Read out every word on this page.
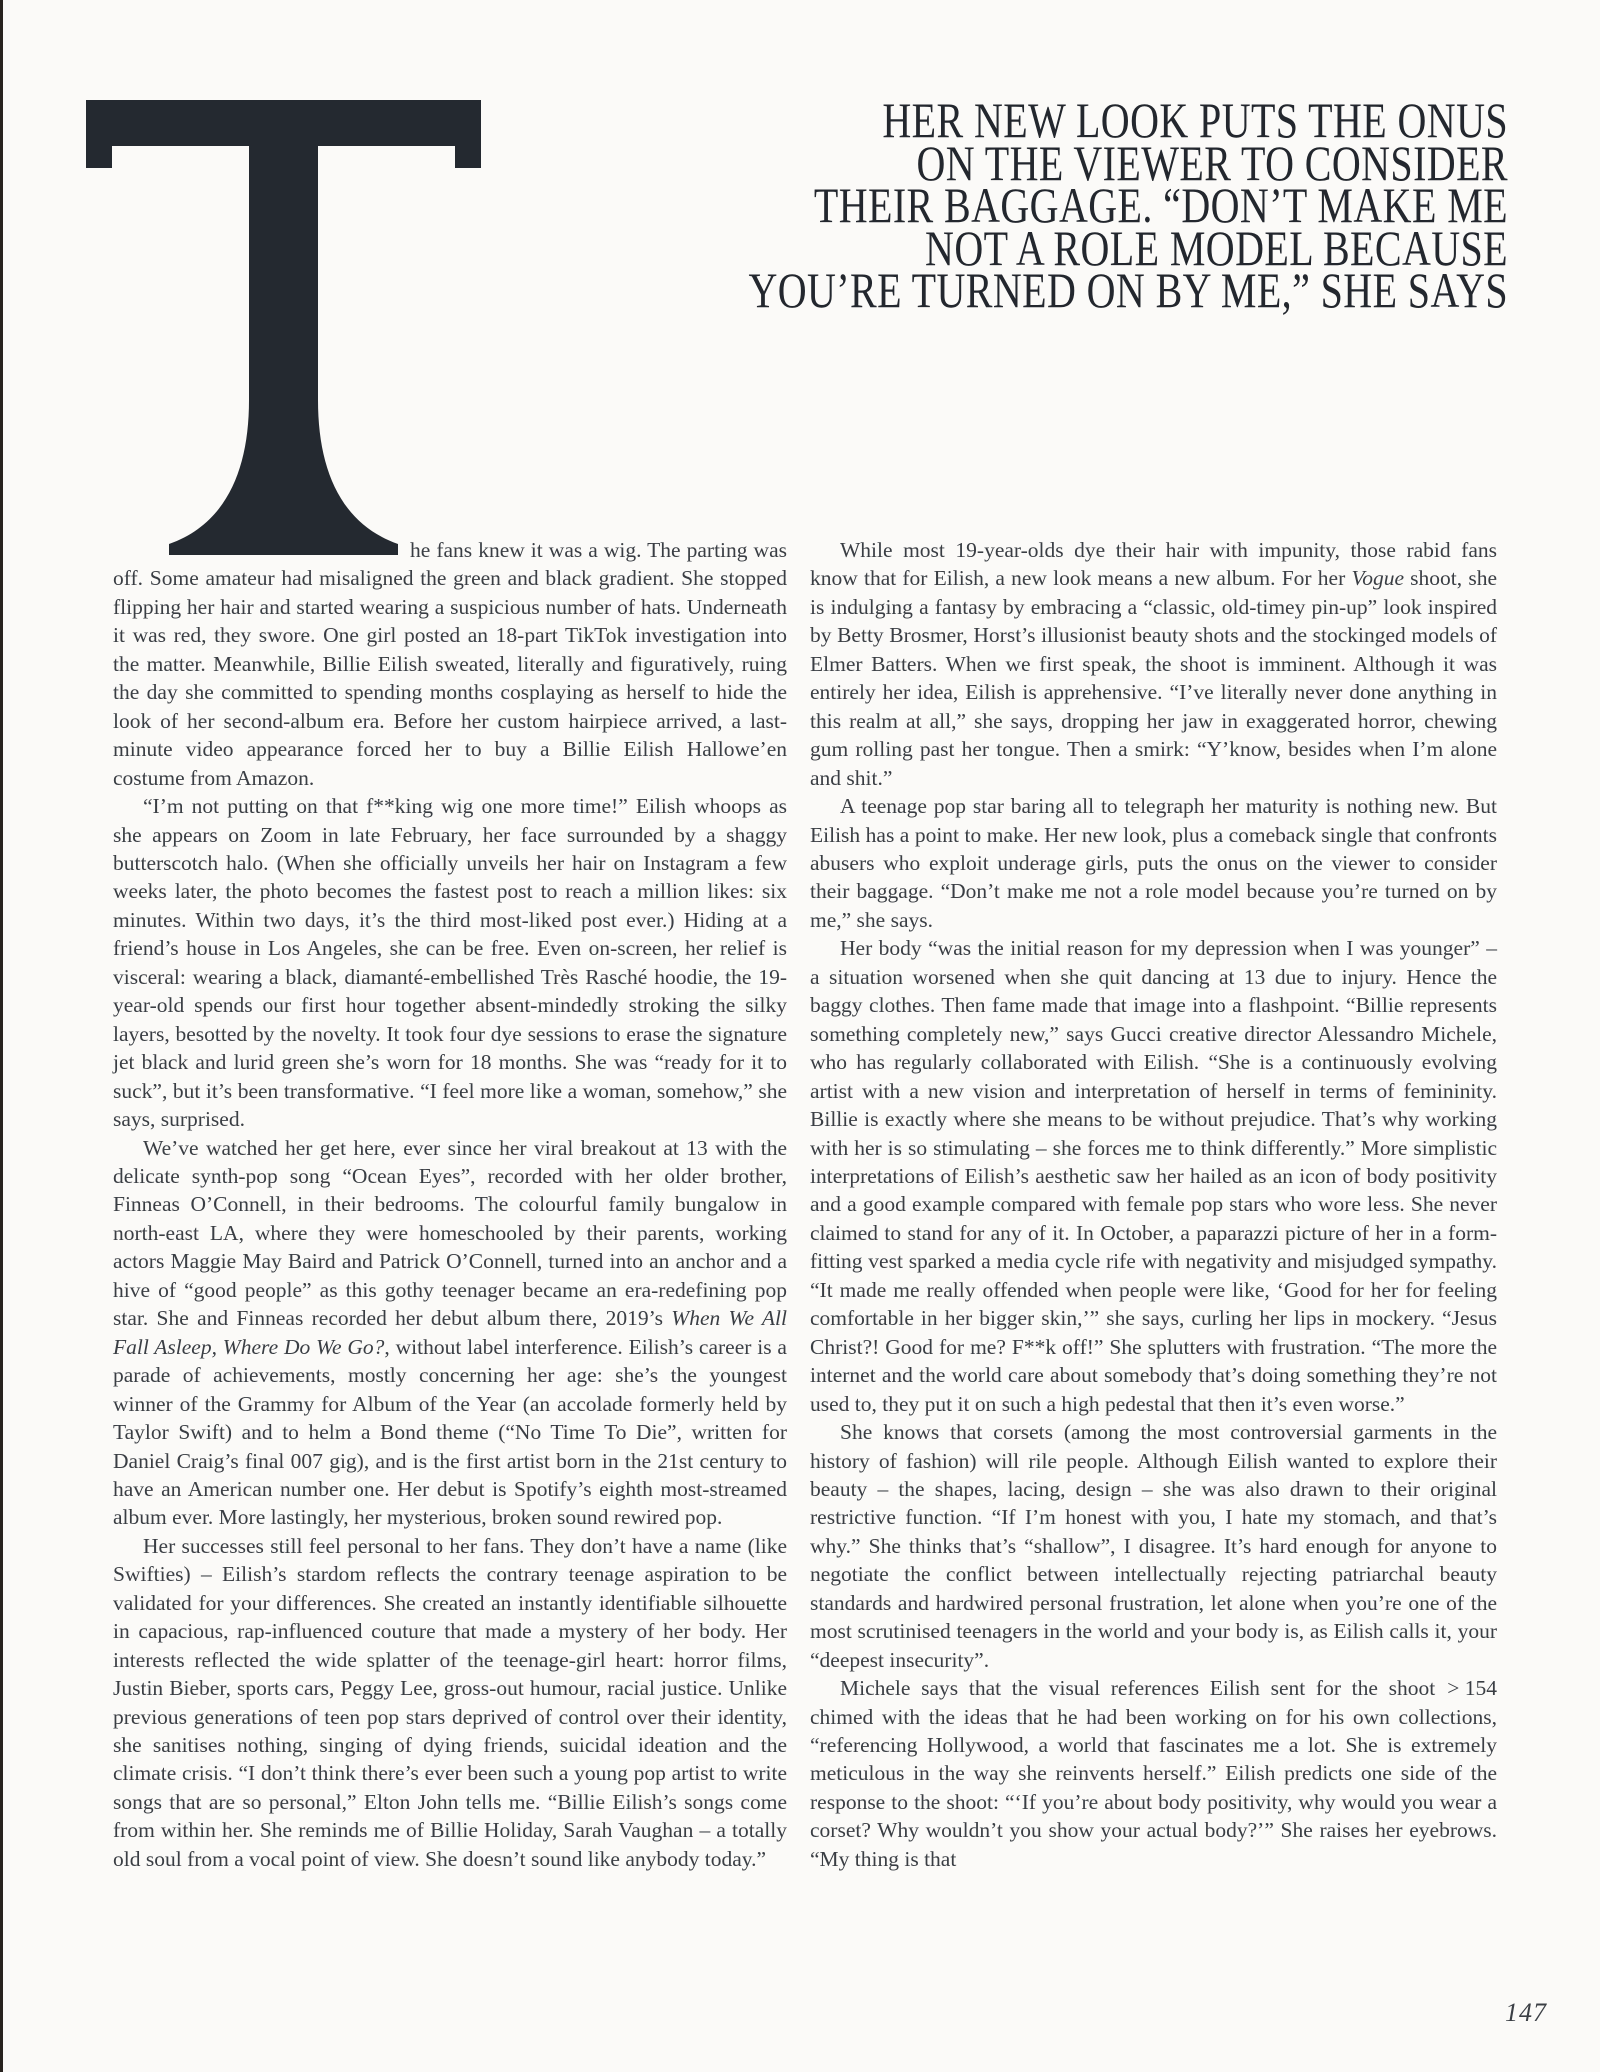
HER NEW LOOK PUTS THE ONUS
ON THE VIEWER TO CONSIDER
THEIR BAGGAGE. “DON’T MAKE ME
NOT A ROLE MODEL BECAUSE
YOU’RE TURNED ON BY ME,” SHE SAYS

he fans knew it was a wig. The parting was off. Some amateur had misaligned the green and black gradient. She stopped flipping her hair and started wearing a suspicious number of hats. Underneath it was red, they swore. One girl posted an 18-part TikTok investigation into the matter. Meanwhile, Billie Eilish sweated, literally and figuratively, ruing the day she committed to spending months cosplaying as herself to hide the look of her second-album era. Before her custom hairpiece arrived, a last-minute video appearance forced her to buy a Billie Eilish Hallowe’en costume from Amazon.

“I’m not putting on that f**king wig one more time!” Eilish whoops as she appears on Zoom in late February, her face surrounded by a shaggy butterscotch halo. (When she officially unveils her hair on Instagram a few weeks later, the photo becomes the fastest post to reach a million likes: six minutes. Within two days, it’s the third most-liked post ever.) Hiding at a friend’s house in Los Angeles, she can be free. Even on-screen, her relief is visceral: wearing a black, diamanté-embellished Très Rasché hoodie, the 19-year-old spends our first hour together absent-mindedly stroking the silky layers, besotted by the novelty. It took four dye sessions to erase the signature jet black and lurid green she’s worn for 18 months. She was “ready for it to suck”, but it’s been transformative. “I feel more like a woman, somehow,” she says, surprised.

We’ve watched her get here, ever since her viral breakout at 13 with the delicate synth-pop song “Ocean Eyes”, recorded with her older brother, Finneas O’Connell, in their bedrooms. The colourful family bungalow in north-east LA, where they were homeschooled by their parents, working actors Maggie May Baird and Patrick O’Connell, turned into an anchor and a hive of “good people” as this gothy teenager became an era-redefining pop star. She and Finneas recorded her debut album there, 2019’s When We All Fall Asleep, Where Do We Go?, without label interference. Eilish’s career is a parade of achievements, mostly concerning her age: she’s the youngest winner of the Grammy for Album of the Year (an accolade formerly held by Taylor Swift) and to helm a Bond theme (“No Time To Die”, written for Daniel Craig’s final 007 gig), and is the first artist born in the 21st century to have an American number one. Her debut is Spotify’s eighth most-streamed album ever. More lastingly, her mysterious, broken sound rewired pop.

Her successes still feel personal to her fans. They don’t have a name (like Swifties) – Eilish’s stardom reflects the contrary teenage aspiration to be validated for your differences. She created an instantly identifiable silhouette in capacious, rap-influenced couture that made a mystery of her body. Her interests reflected the wide splatter of the teenage-girl heart: horror films, Justin Bieber, sports cars, Peggy Lee, gross-out humour, racial justice. Unlike previous generations of teen pop stars deprived of control over their identity, she sanitises nothing, singing of dying friends, suicidal ideation and the climate crisis. “I don’t think there’s ever been such a young pop artist to write songs that are so personal,” Elton John tells me. “Billie Eilish’s songs come from within her. She reminds me of Billie Holiday, Sarah Vaughan – a totally old soul from a vocal point of view. She doesn’t sound like anybody today.”

While most 19-year-olds dye their hair with impunity, those rabid fans know that for Eilish, a new look means a new album. For her Vogue shoot, she is indulging a fantasy by embracing a “classic, old-timey pin-up” look inspired by Betty Brosmer, Horst’s illusionist beauty shots and the stockinged models of Elmer Batters. When we first speak, the shoot is imminent. Although it was entirely her idea, Eilish is apprehensive. “I’ve literally never done anything in this realm at all,” she says, dropping her jaw in exaggerated horror, chewing gum rolling past her tongue. Then a smirk: “Y’know, besides when I’m alone and shit.”

A teenage pop star baring all to telegraph her maturity is nothing new. But Eilish has a point to make. Her new look, plus a comeback single that confronts abusers who exploit underage girls, puts the onus on the viewer to consider their baggage. “Don’t make me not a role model because you’re turned on by me,” she says.

Her body “was the initial reason for my depression when I was younger” – a situation worsened when she quit dancing at 13 due to injury. Hence the baggy clothes. Then fame made that image into a flashpoint. “Billie represents something completely new,” says Gucci creative director Alessandro Michele, who has regularly collaborated with Eilish. “She is a continuously evolving artist with a new vision and interpretation of herself in terms of femininity. Billie is exactly where she means to be without prejudice. That’s why working with her is so stimulating – she forces me to think differently.” More simplistic interpretations of Eilish’s aesthetic saw her hailed as an icon of body positivity and a good example compared with female pop stars who wore less. She never claimed to stand for any of it. In October, a paparazzi picture of her in a form-fitting vest sparked a media cycle rife with negativity and misjudged sympathy. “It made me really offended when people were like, ‘Good for her for feeling comfortable in her bigger skin,’” she says, curling her lips in mockery. “Jesus Christ?! Good for me? F**k off!” She splutters with frustration. “The more the internet and the world care about somebody that’s doing something they’re not used to, they put it on such a high pedestal that then it’s even worse.”

She knows that corsets (among the most controversial garments in the history of fashion) will rile people. Although Eilish wanted to explore their beauty – the shapes, lacing, design – she was also drawn to their original restrictive function. “If I’m honest with you, I hate my stomach, and that’s why.” She thinks that’s “shallow”, I disagree. It’s hard enough for anyone to negotiate the conflict between intellectually rejecting patriarchal beauty standards and hardwired personal frustration, let alone when you’re one of the most scrutinised teenagers in the world and your body is, as Eilish calls it, your “deepest insecurity”.

> 154
Michele says that the visual references Eilish sent for the shoot chimed with the ideas that he had been working on for his own collections, “referencing Hollywood, a world that fascinates me a lot. She is extremely meticulous in the way she reinvents herself.” Eilish predicts one side of the response to the shoot: “‘If you’re about body positivity, why would you wear a corset? Why wouldn’t you show your actual body?’” She raises her eyebrows. “My thing is that

147
